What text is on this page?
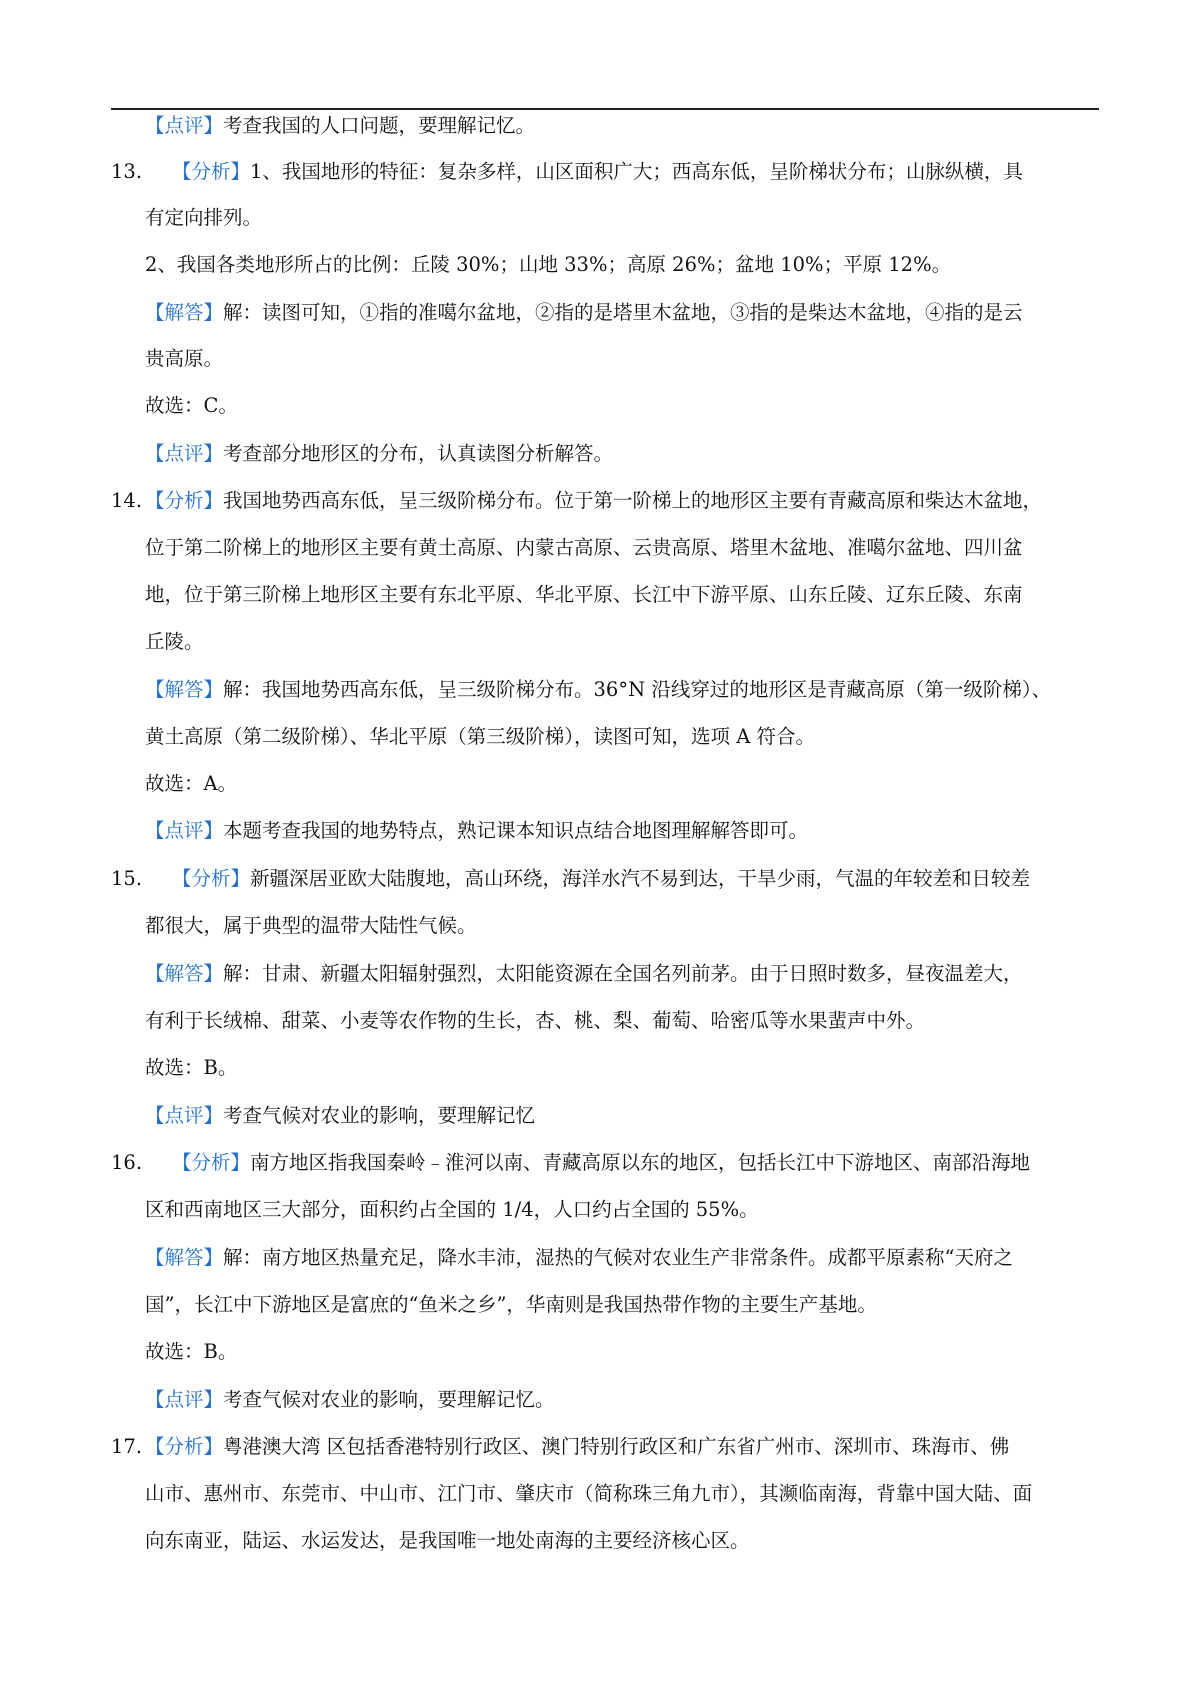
【点评】考查我国的人口问题，要理解记忆。
13. 【分析】1、我国地形的特征：复杂多样，山区面积广大；西高东低，呈阶梯状分布；山脉纵横，具
有定向排列。
2、我国各类地形所占的比例：丘陵 30%；山地 33%；高原 26%；盆地 10%；平原 12%。
【解答】解：读图可知，①指的准噶尔盆地，②指的是塔里木盆地，③指的是柴达木盆地，④指的是云
贵高原。
故选：C。
【点评】考查部分地形区的分布，认真读图分析解答。
14. 【分析】我国地势西高东低，呈三级阶梯分布。位于第一阶梯上的地形区主要有青藏高原和柴达木盆地，
位于第二阶梯上的地形区主要有黄土高原、内蒙古高原、云贵高原、塔里木盆地、准噶尔盆地、四川盆
地，位于第三阶梯上地形区主要有东北平原、华北平原、长江中下游平原、山东丘陵、辽东丘陵、东南
丘陵。
【解答】解：我国地势西高东低，呈三级阶梯分布。36°N 沿线穿过的地形区是青藏高原（第一级阶梯）、
黄土高原（第二级阶梯）、华北平原（第三级阶梯），读图可知，选项 A 符合。
故选：A。
【点评】本题考查我国的地势特点，熟记课本知识点结合地图理解解答即可。
15. 【分析】新疆深居亚欧大陆腹地，高山环绕，海洋水汽不易到达，干旱少雨，气温的年较差和日较差
都很大，属于典型的温带大陆性气候。
【解答】解：甘肃、新疆太阳辐射强烈，太阳能资源在全国名列前茅。由于日照时数多，昼夜温差大，
有利于长绒棉、甜菜、小麦等农作物的生长，杏、桃、梨、葡萄、哈密瓜等水果蜚声中外。
故选：B。
【点评】考查气候对农业的影响，要理解记忆
16. 【分析】南方地区指我国秦岭﹣淮河以南、青藏高原以东的地区，包括长江中下游地区、南部沿海地
区和西南地区三大部分，面积约占全国的 1/4，人口约占全国的 55%。
【解答】解：南方地区热量充足，降水丰沛，湿热的气候对农业生产非常条件。成都平原素称“天府之
国”，长江中下游地区是富庶的“鱼米之乡”，华南则是我国热带作物的主要生产基地。
故选：B。
【点评】考查气候对农业的影响，要理解记忆。
17. 【分析】粤港澳大湾 区包括香港特别行政区、澳门特别行政区和广东省广州市、深圳市、珠海市、佛
山市、惠州市、东莞市、中山市、江门市、肇庆市（简称珠三角九市），其濒临南海，背靠中国大陆、面
向东南亚，陆运、水运发达，是我国唯一地处南海的主要经济核心区。
